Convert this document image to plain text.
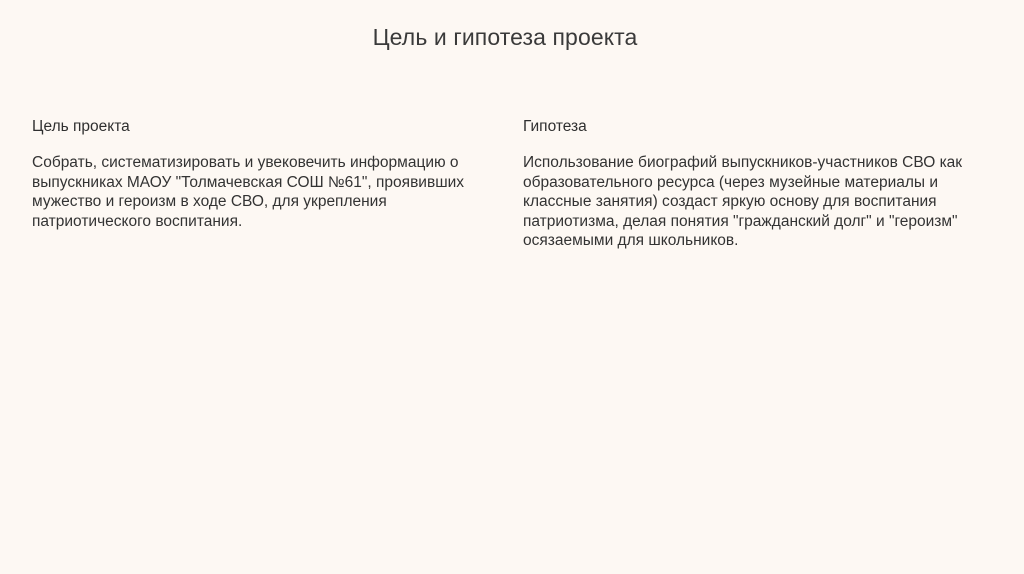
Цель и гипотеза проекта

Цель проекта

Собрать, систематизировать и увековечить информацию о выпускниках МАОУ "Толмачевская СОШ №61", проявивших мужество и героизм в ходе СВО, для укрепления патриотического воспитания.

Гипотеза

Использование биографий выпускников-участников СВО как образовательного ресурса (через музейные материалы и классные занятия) создаст яркую основу для воспитания патриотизма, делая понятия "гражданский долг" и "героизм" осязаемыми для школьников.
